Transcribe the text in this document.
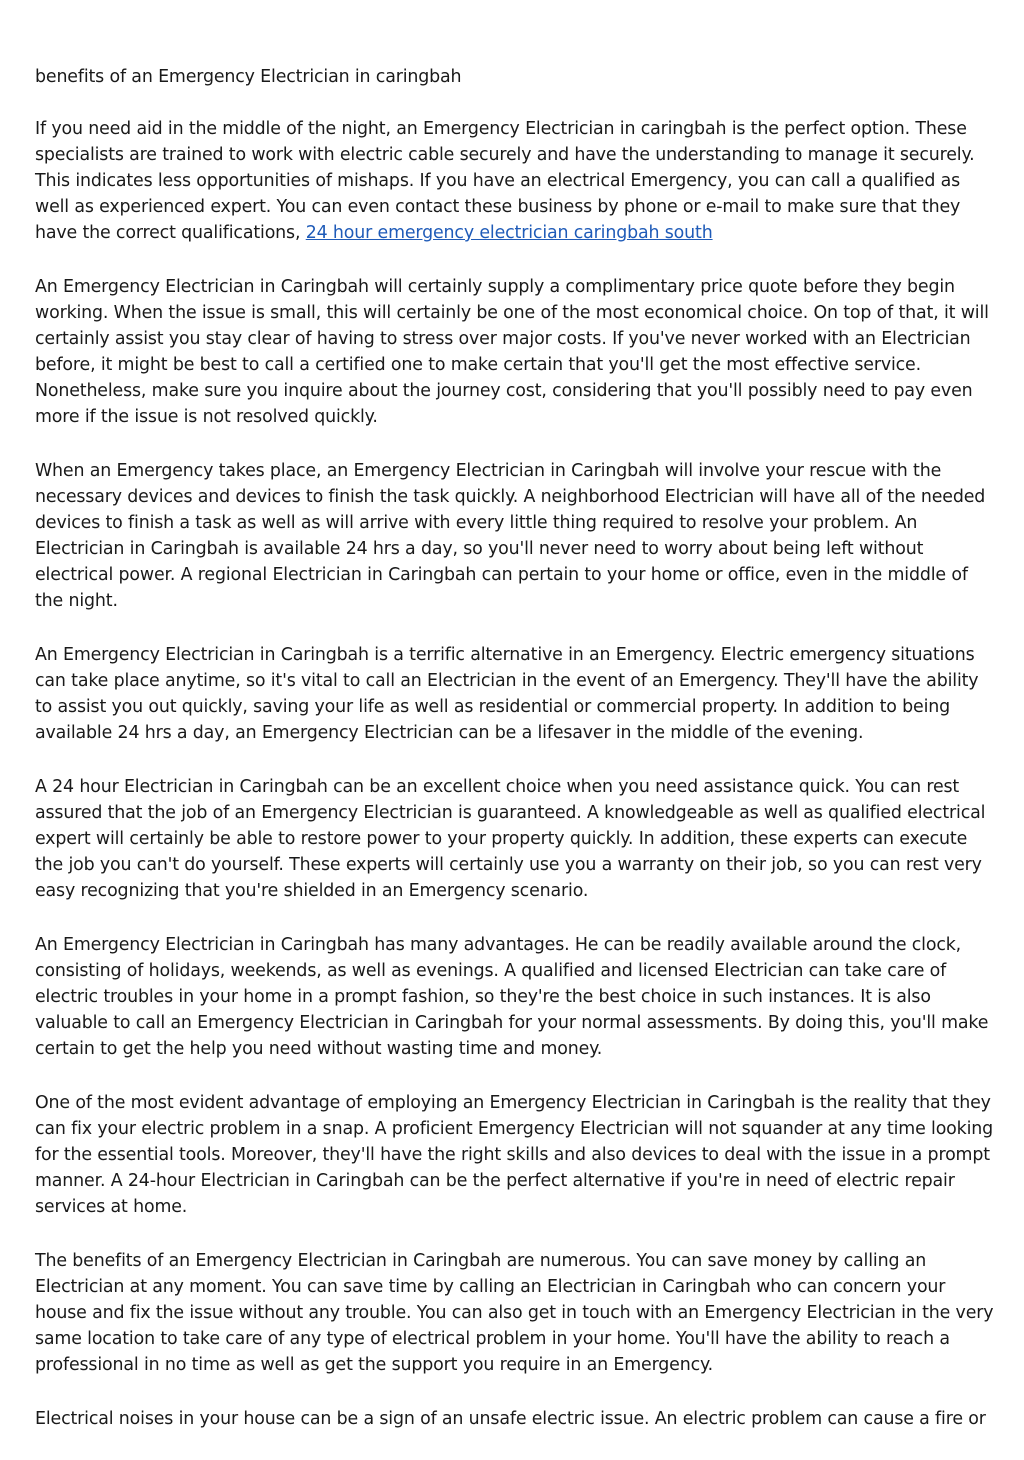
benefits of an Emergency Electrician in caringbah

If you need aid in the middle of the night, an Emergency Electrician in caringbah is the perfect option. These specialists are trained to work with electric cable securely and have the understanding to manage it securely. This indicates less opportunities of mishaps. If you have an electrical Emergency, you can call a qualified as well as experienced expert. You can even contact these business by phone or e-mail to make sure that they have the correct qualifications, 24 hour emergency electrician caringbah south

An Emergency Electrician in Caringbah will certainly supply a complimentary price quote before they begin working. When the issue is small, this will certainly be one of the most economical choice. On top of that, it will certainly assist you stay clear of having to stress over major costs. If you've never worked with an Electrician before, it might be best to call a certified one to make certain that you'll get the most effective service. Nonetheless, make sure you inquire about the journey cost, considering that you'll possibly need to pay even more if the issue is not resolved quickly.

When an Emergency takes place, an Emergency Electrician in Caringbah will involve your rescue with the necessary devices and devices to finish the task quickly. A neighborhood Electrician will have all of the needed devices to finish a task as well as will arrive with every little thing required to resolve your problem. An Electrician in Caringbah is available 24 hrs a day, so you'll never need to worry about being left without electrical power. A regional Electrician in Caringbah can pertain to your home or office, even in the middle of the night.

An Emergency Electrician in Caringbah is a terrific alternative in an Emergency. Electric emergency situations can take place anytime, so it's vital to call an Electrician in the event of an Emergency. They'll have the ability to assist you out quickly, saving your life as well as residential or commercial property. In addition to being available 24 hrs a day, an Emergency Electrician can be a lifesaver in the middle of the evening.

A 24 hour Electrician in Caringbah can be an excellent choice when you need assistance quick. You can rest assured that the job of an Emergency Electrician is guaranteed. A knowledgeable as well as qualified electrical expert will certainly be able to restore power to your property quickly. In addition, these experts can execute the job you can't do yourself. These experts will certainly use you a warranty on their job, so you can rest very easy recognizing that you're shielded in an Emergency scenario.

An Emergency Electrician in Caringbah has many advantages. He can be readily available around the clock, consisting of holidays, weekends, as well as evenings. A qualified and licensed Electrician can take care of electric troubles in your home in a prompt fashion, so they're the best choice in such instances. It is also valuable to call an Emergency Electrician in Caringbah for your normal assessments. By doing this, you'll make certain to get the help you need without wasting time and money.

One of the most evident advantage of employing an Emergency Electrician in Caringbah is the reality that they can fix your electric problem in a snap. A proficient Emergency Electrician will not squander at any time looking for the essential tools. Moreover, they'll have the right skills and also devices to deal with the issue in a prompt manner. A 24-hour Electrician in Caringbah can be the perfect alternative if you're in need of electric repair services at home.

The benefits of an Emergency Electrician in Caringbah are numerous. You can save money by calling an Electrician at any moment. You can save time by calling an Electrician in Caringbah who can concern your house and fix the issue without any trouble. You can also get in touch with an Emergency Electrician in the very same location to take care of any type of electrical problem in your home. You'll have the ability to reach a professional in no time as well as get the support you require in an Emergency.

Electrical noises in your house can be a sign of an unsafe electric issue. An electric problem can cause a fire or
